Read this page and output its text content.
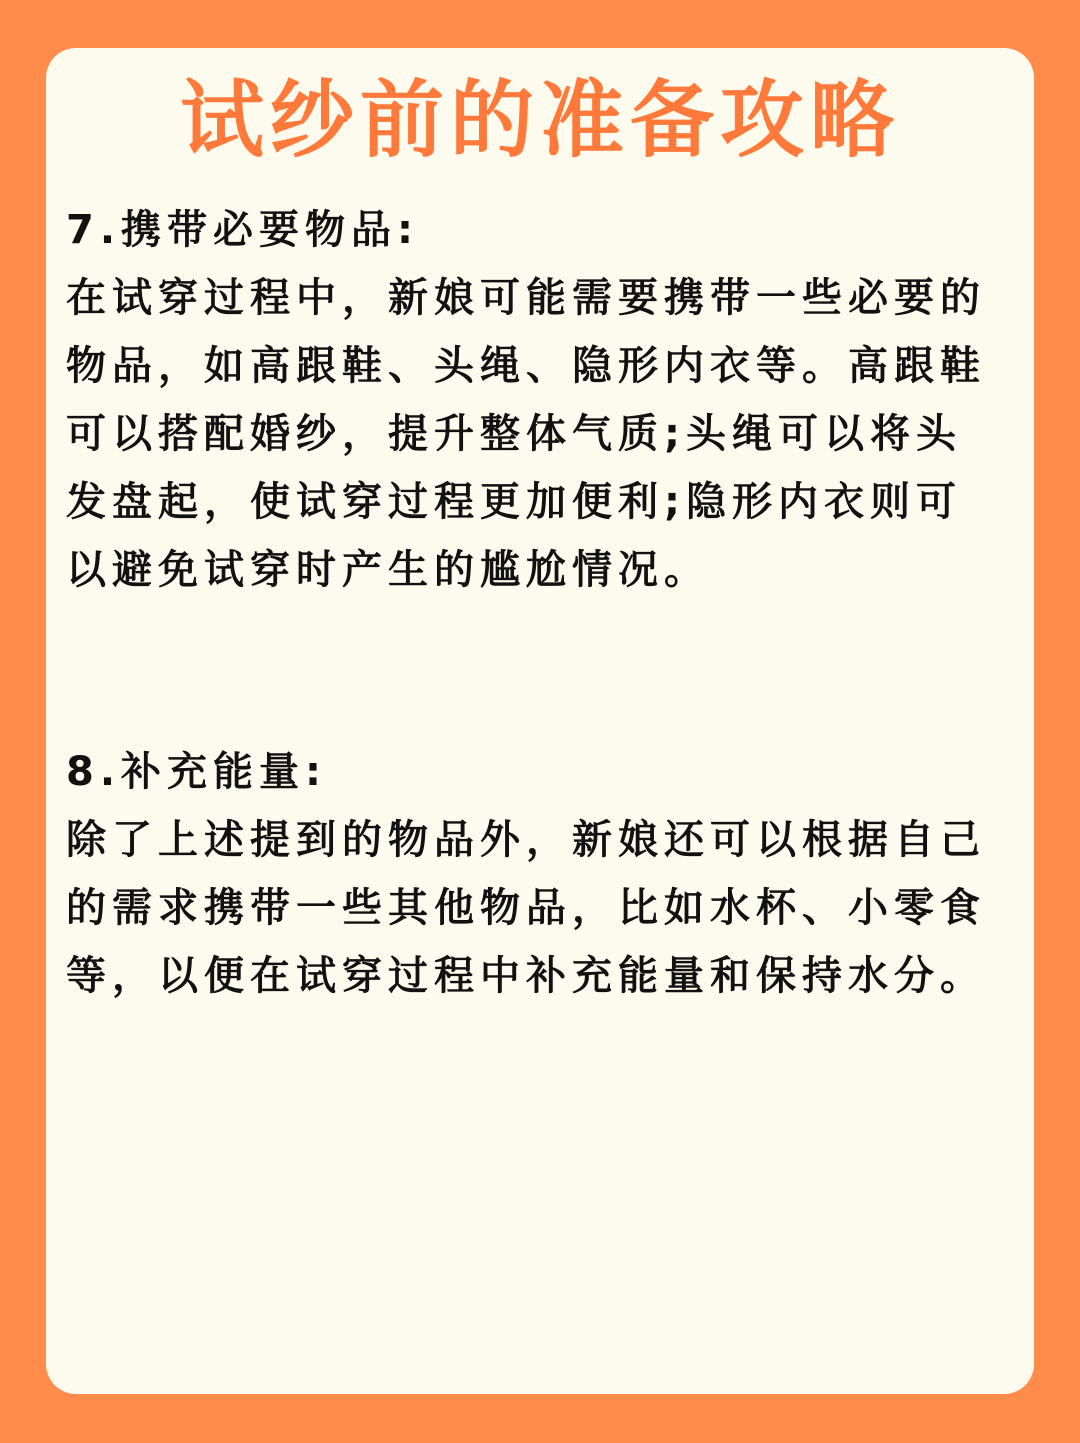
试纱前的准备攻略

7.携带必要物品:

在试穿过程中，新娘可能需要携带一些必要的物品，如高跟鞋、头绳、隐形内衣等。高跟鞋可以搭配婚纱，提升整体气质;头绳可以将头发盘起，使试穿过程更加便利;隐形内衣则可以避免试穿时产生的尴尬情况。

8.补充能量:

除了上述提到的物品外，新娘还可以根据自己的需求携带一些其他物品，比如水杯、小零食等，以便在试穿过程中补充能量和保持水分。
